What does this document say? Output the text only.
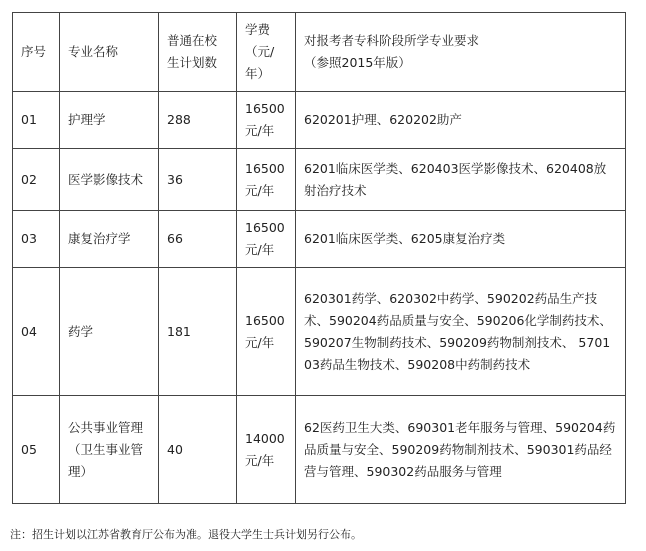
序号	专业名称	普通在校生计划数	学费（元/年）	对报考者专科阶段所学专业要求
（参照2015年版）

01	护理学	288	16500元/年	620201护理、620202助产
02	医学影像技术	36	16500元/年	6201临床医学类、620403医学影像技术、620408放射治疗技术
03	康复治疗学	66	16500元/年	6201临床医学类、6205康复治疗类
04	药学	181	16500元/年	620301药学、620302中药学、590202药品生产技术、590204药品质量与安全、590206化学制药技术、590207生物制药技术、590209药物制剂技术、 570103药品生物技术、590208中药制药技术
05	公共事业管理（卫生事业管理）	40	14000元/年	62医药卫生大类、690301老年服务与管理、590204药品质量与安全、590209药物制剂技术、590301药品经营与管理、590302药品服务与管理
注：招生计划以江苏省教育厅公布为准。退役大学生士兵计划另行公布。
